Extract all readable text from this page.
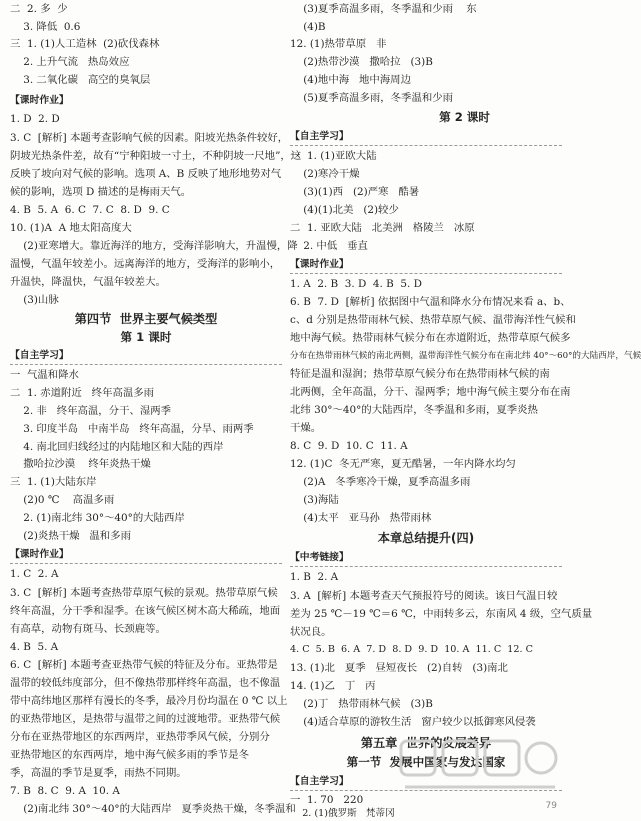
二  2. 多  少
3. 降低  0.6
三  1. (1)人工造林  (2)砍伐森林
2. 上升气流   热岛效应
3. 二氧化碳   高空的臭氧层
【课时作业】
1. D  2. D
3. C  [解析] 本题考查影响气候的因素。阳坡光热条件较好，
阴坡光热条件差，故有“宁种阳坡一寸土，不种阴坡一尺地”，这
反映了坡向对气候的影响。选项 A、B 反映了地形地势对气
候的影响，选项 D 描述的是梅雨天气。
4. B  5. A  6. C  7. C  8. D  9. C
10. (1)A  A 地太阳高度大
(2)亚寒增大。靠近海洋的地方，受海洋影响大，升温慢，降
温慢，气温年较差小。远离海洋的地方，受海洋的影响小，
升温快，降温快，气温年较差大。
(3)山脉
第四节  世界主要气候类型
第 1 课时
【自主学习】
一  气温和降水
二  1. 赤道附近   终年高温多雨
2. 非   终年高温，分干、湿两季
3. 印度半岛   中南半岛   终年高温，分旱、雨两季
4. 南北回归线经过的内陆地区和大陆的西岸
撒哈拉沙漠    终年炎热干燥
三  1. (1)大陆东岸
(2)0 ℃    高温多雨
2. (1)南北纬 30°～40°的大陆西岸
(2)炎热干燥   温和多雨
【课时作业】
1. C  2. A
3. C  [解析] 本题考查热带草原气候的景观。热带草原气候
终年高温，分干季和湿季。在该气候区树木高大稀疏，地面
有高草，动物有斑马、长颈鹿等。
4. B  5. A
6. C  [解析] 本题考查亚热带气候的特征及分布。亚热带是
温带的较低纬度部分，但不像热带那样终年高温，也不像温
带中高纬地区那样有漫长的冬季，最冷月份均温在 0 ℃ 以上
的亚热带地区，是热带与温带之间的过渡地带。亚热带气候
分布在亚热带地区的东西两岸，亚热带季风气候，分别分
亚热带地区的东西两岸，地中海气候多雨的季节是冬
季，高温的季节是夏季，雨热不同期。
7. B  8. C  9. A  10. A
(2)南北纬 30°～40°的大陆西岸   夏季炎热干燥，冬季温和
(3)夏季高温多雨，冬季温和少雨    东
(4)B
12. (1)热带草原   非
(2)热带沙漠   撒哈拉   (3)B
(4)地中海   地中海周边
(5)夏季高温多雨，冬季温和少雨
第 2 课时
【自主学习】
一  1. (1)亚欧大陆
(2)寒冷干燥
(3)(1)西   (2)严寒   酷暑
(4)(1)北美   (2)较少
二  1. 亚欧大陆   北美洲   格陵兰   冰原
2. 中低   垂直
【课时作业】
1. A  2. B  3. D  4. B  5. D
6. B  7. D  [解析] 依据图中气温和降水分布情况来看 a、b、
c、d 分别是热带雨林气候、热带草原气候、温带海洋性气候和
地中海气候。热带雨林气候分布在赤道附近，热带草原气候多
分布在热带雨林气候的南北两侧，温带海洋性气候分布在南北纬 40°～60°的大陆西岸，气候
特征是温和湿润；热带草原气候分布在热带雨林气候的南
北两侧，全年高温，分干、湿两季；地中海气候主要分布在南
北纬 30°～40°的大陆西岸，冬季温和多雨，夏季炎热
干燥。
8. C  9. D  10. C  11. A
12. (1)C  冬无严寒，夏无酷暑，一年内降水均匀
(2)A   冬季寒冷干燥，夏季高温多雨
(3)海陆
(4)太平   亚马孙   热带雨林
本章总结提升(四)
【中考链接】
1. B  2. A
3. A  [解析] 本题考查天气预报符号的阅读。该日气温日较
差为 25 ℃－19 ℃＝6 ℃，中雨转多云，东南风 4 级，空气质量
状况良。
4. C  5. B  6. A  7. D  8. D  9. D  10. A  11. C  12. C
13. (1)北   夏季   昼短夜长   (2)自转   (3)南北
14. (1)乙   丁   丙
(2)丁   热带雨林气候   (3)B
(4)适合草原的游牧生活   窗户较少以抵御寒风侵袭
第五章  世界的发展差异
第一节  发展中国家与发达国家
【自主学习】
一  1. 70   220
2. (1)俄罗斯   梵蒂冈
79
